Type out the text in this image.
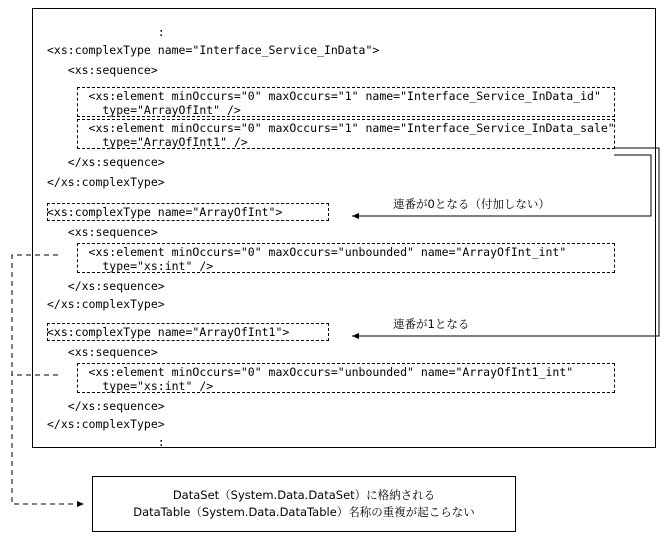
:
<xs:complexType name="Interface_Service_InData">
<xs:sequence>
<xs:element minOccurs="0" maxOccurs="1" name="Interface_Service_InData_id"
type="ArrayOfInt" />
<xs:element minOccurs="0" maxOccurs="1" name="Interface_Service_InData_sale"
type="ArrayOfInt1" />
</xs:sequence>
</xs:complexType>
<xs:complexType name="ArrayOfInt">
<xs:sequence>
<xs:element minOccurs="0" maxOccurs="unbounded" name="ArrayOfInt_int"
type="xs:int" />
</xs:sequence>
</xs:complexType>
<xs:complexType name="ArrayOfInt1">
<xs:sequence>
<xs:element minOccurs="0" maxOccurs="unbounded" name="ArrayOfInt1_int"
type="xs:int" />
</xs:sequence>
</xs:complexType>
:
連番が0となる（付加しない）
連番が1となる
DataSet（System.Data.DataSet）に格納される
DataTable（System.Data.DataTable）名称の重複が起こらない
